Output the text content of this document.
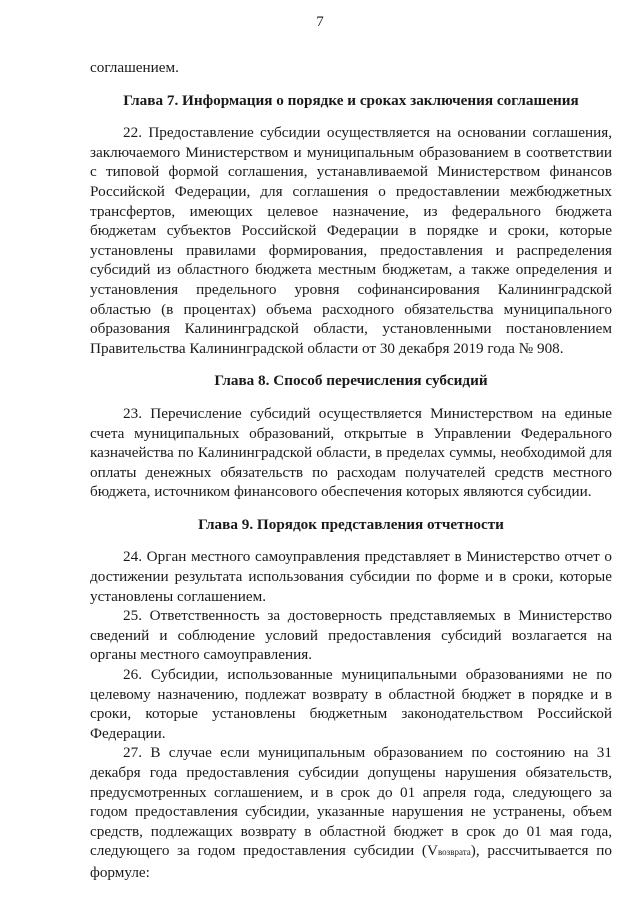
7

соглашением.

Глава 7. Информация о порядке и сроках заключения соглашения

22. Предоставление субсидии осуществляется на основании соглашения, заключаемого Министерством и муниципальным образованием в соответствии с типовой формой соглашения, устанавливаемой Министерством финансов Российской Федерации, для соглашения о предоставлении межбюджетных трансфертов, имеющих целевое назначение, из федерального бюджета бюджетам субъектов Российской Федерации в порядке и сроки, которые установлены правилами формирования, предоставления и распределения субсидий из областного бюджета местным бюджетам, а также определения и установления предельного уровня софинансирования Калининградской областью (в процентах) объема расходного обязательства муниципального образования Калининградской области, установленными постановлением Правительства Калининградской области от 30 декабря 2019 года № 908.

Глава 8. Способ перечисления субсидий

23. Перечисление субсидий осуществляется Министерством на единые счета муниципальных образований, открытые в Управлении Федерального казначейства по Калининградской области, в пределах суммы, необходимой для оплаты денежных обязательств по расходам получателей средств местного бюджета, источником финансового обеспечения которых являются субсидии.

Глава 9. Порядок представления отчетности

24. Орган местного самоуправления представляет в Министерство отчет о достижении результата использования субсидии по форме и в сроки, которые установлены соглашением.

25. Ответственность за достоверность представляемых в Министерство сведений и соблюдение условий предоставления субсидий возлагается на органы местного самоуправления.

26. Субсидии, использованные муниципальными образованиями не по целевому назначению, подлежат возврату в областной бюджет в порядке и в сроки, которые установлены бюджетным законодательством Российской Федерации.

27. В случае если муниципальным образованием по состоянию на 31 декабря года предоставления субсидии допущены нарушения обязательств, предусмотренных соглашением, и в срок до 01 апреля года, следующего за годом предоставления субсидии, указанные нарушения не устранены, объем средств, подлежащих возврату в областной бюджет в срок до 01 мая года, следующего за годом предоставления субсидии (Vвозврата), рассчитывается по формуле:
